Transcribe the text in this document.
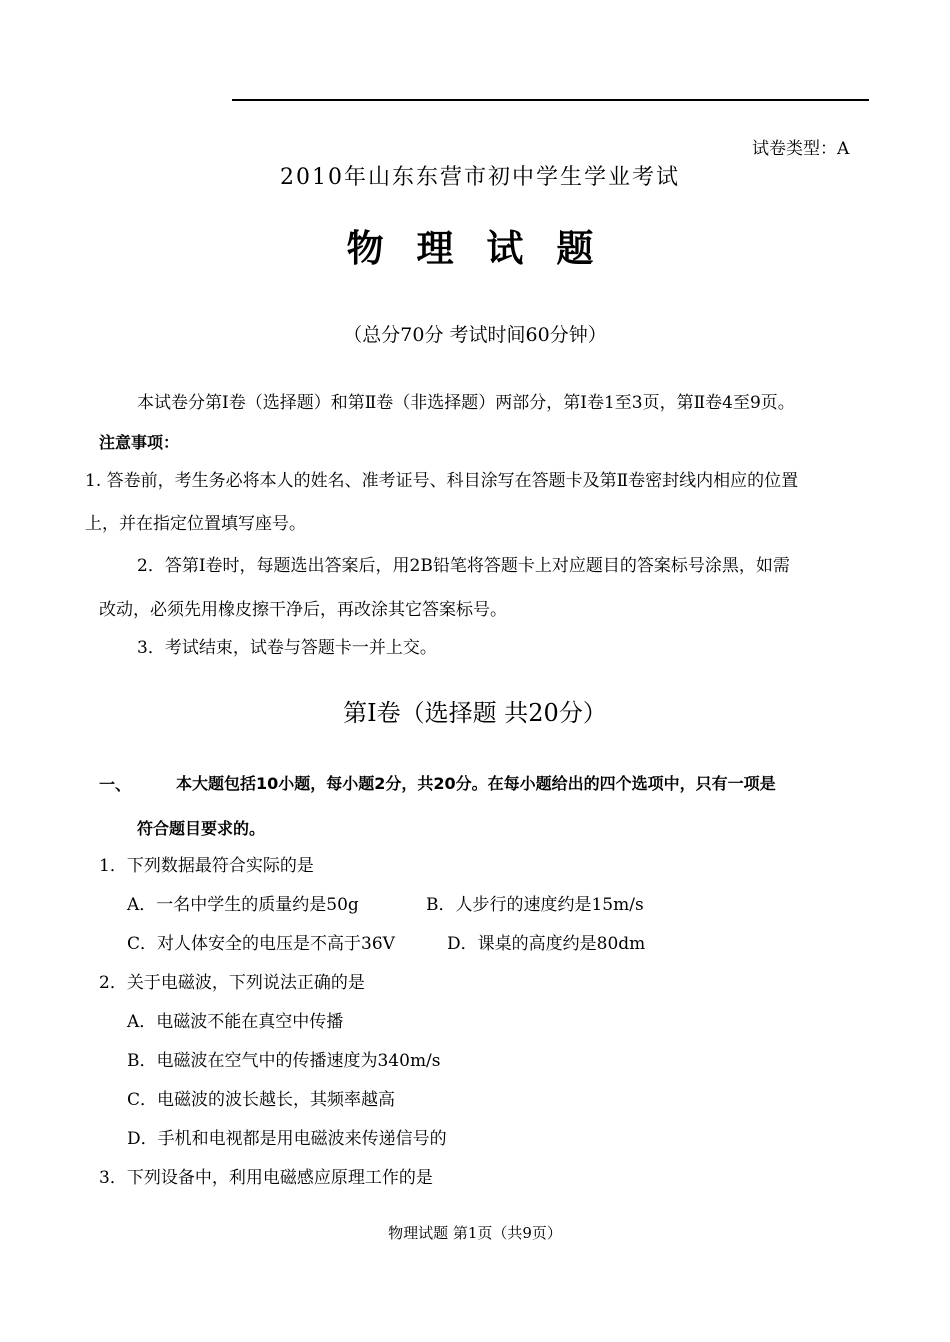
试卷类型：A
2010年山东东营市初中学生学业考试
物 理 试 题
（总分70分 考试时间60分钟）
本试卷分第Ⅰ卷（选择题）和第Ⅱ卷（非选择题）两部分，第Ⅰ卷1至3页，第Ⅱ卷4至9页。
注意事项：
1. 答卷前，考生务必将本人的姓名、准考证号、科目涂写在答题卡及第Ⅱ卷密封线内相应的位置
上，并在指定位置填写座号。
2．答第Ⅰ卷时，每题选出答案后，用2B铅笔将答题卡上对应题目的答案标号涂黑，如需
改动，必须先用橡皮擦干净后，再改涂其它答案标号。
3．考试结束，试卷与答题卡一并上交。
第Ⅰ卷（选择题 共20分）
一、	本大题包括10小题，每小题2分，共20分。在每小题给出的四个选项中，只有一项是
符合题目要求的。
1．下列数据最符合实际的是
A．一名中学生的质量约是50g	B．人步行的速度约是15m/s
C．对人体安全的电压是不高于36V	D．课桌的高度约是80dm
2．关于电磁波，下列说法正确的是
A．电磁波不能在真空中传播
B．电磁波在空气中的传播速度为340m/s
C．电磁波的波长越长，其频率越高
D．手机和电视都是用电磁波来传递信号的
3．下列设备中，利用电磁感应原理工作的是
物理试题 第1页（共9页）
